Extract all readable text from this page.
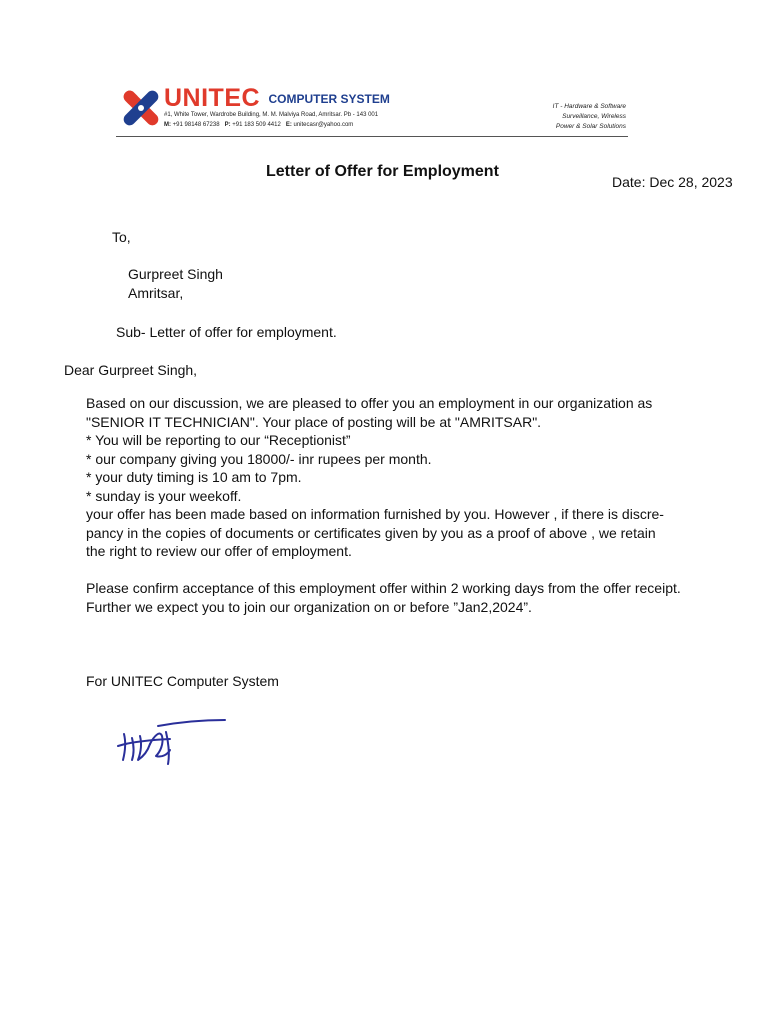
UNITEC COMPUTER SYSTEM
#1, White Tower, Wardrobe Building, M. M. Malviya Road, Amritsar. Pb - 143 001
M: +91 98148 67238 P: +91 183 509 4412 E: unitecasr@yahoo.com
IT - Hardware & Software
Surveillance, Wireless
Power & Solar Solutions
Letter of Offer for Employment
Date: Dec 28, 2023
To,
Gurpreet Singh
Amritsar,
Sub- Letter of offer for employment.
Dear Gurpreet Singh,
Based on our discussion, we are pleased to offer you an employment in our organization as
"SENIOR IT TECHNICIAN". Your place of posting will be at "AMRITSAR".
* You will be reporting to our “Receptionist”
* our company giving you 18000/- inr rupees per month.
* your duty timing is 10 am to 7pm.
* sunday is your weekoff.
your offer has been made based on information furnished by you. However , if there is discre-
pancy in the copies of documents or certificates given by you as a proof of above , we retain
the right to review our offer of employment.
Please confirm acceptance of this employment offer within 2 working days from the offer receipt.
Further we expect you to join our organization on or before ”Jan2,2024”.
For UNITEC Computer System
